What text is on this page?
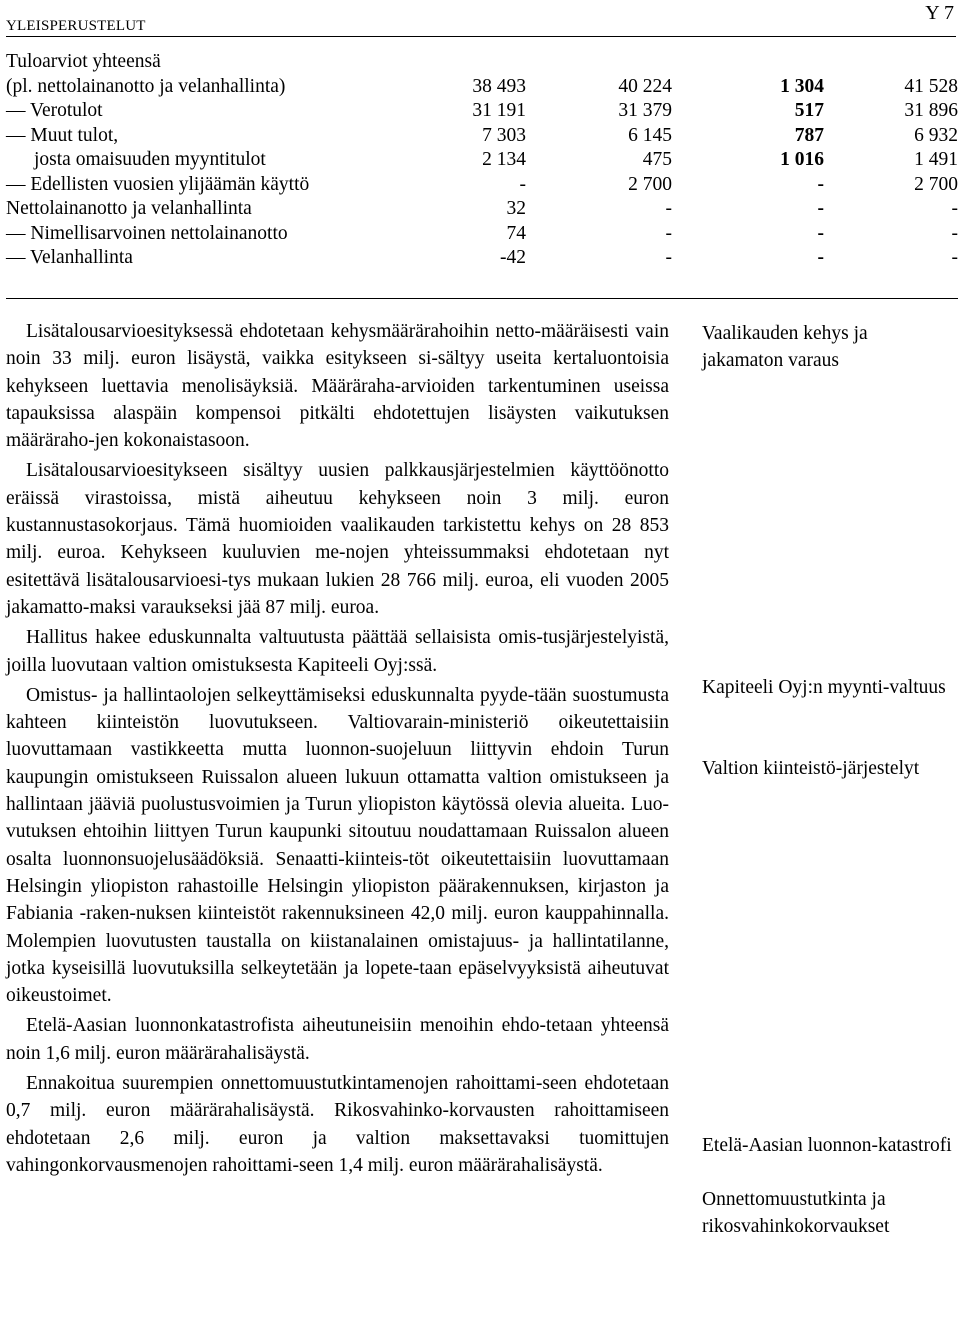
YLEISPERUSTELUT
Y 7
Tuloarviot yhteensä
(pl. nettolainanotto ja velanhallinta)	38 493	40 224	1 304	41 528
— Verotulot	31 191	31 379	517	31 896
— Muut tulot,	7 303	6 145	787	6 932
josta omaisuuden myyntitulot	2 134	475	1 016	1 491
— Edellisten vuosien ylijäämän käyttö	-	2 700	-	2 700
Nettolainanotto ja velanhallinta	32	-	-	-
— Nimellisarvoinen nettolainanotto	74	-	-	-
— Velanhallinta	-42	-	-	-

Lisätalousarvioesityksessä ehdotetaan kehysmäärärahoihin netto-määräisesti vain noin 33 milj. euron lisäystä, vaikka esitykseen si-sältyy useita kertaluontoisia kehykseen luettavia menolisäyksiä. Määräraha-arvioiden tarkentuminen useissa tapauksissa alaspäin kompensoi pitkälti ehdotettujen lisäysten vaikutuksen määräraho-jen kokonaistasoon.

Lisätalousarvioesitykseen sisältyy uusien palkkausjärjestelmien käyttöönotto eräissä virastoissa, mistä aiheutuu kehykseen noin 3 milj. euron kustannustasokorjaus. Tämä huomioiden vaalikauden tarkistettu kehys on 28 853 milj. euroa. Kehykseen kuuluvien me-nojen yhteissummaksi ehdotetaan nyt esitettävä lisätalousarvioesi-tys mukaan lukien 28 766 milj. euroa, eli vuoden 2005 jakamatto-maksi varaukseksi jää 87 milj. euroa.

Hallitus hakee eduskunnalta valtuutusta päättää sellaisista omis-tusjärjestelyistä, joilla luovutaan valtion omistuksesta Kapiteeli Oyj:ssä.

Omistus- ja hallintaolojen selkeyttämiseksi eduskunnalta pyyde-tään suostumusta kahteen kiinteistön luovutukseen. Valtiovarain-ministeriö oikeutettaisiin luovuttamaan vastikkeetta mutta luonnon-suojeluun liittyvin ehdoin Turun kaupungin omistukseen Ruissalon alueen lukuun ottamatta valtion omistukseen ja hallintaan jääviä puolustusvoimien ja Turun yliopiston käytössä olevia alueita. Luo-vutuksen ehtoihin liittyen Turun kaupunki sitoutuu noudattamaan Ruissalon alueen osalta luonnonsuojelusäädöksiä. Senaatti-kiinteis-töt oikeutettaisiin luovuttamaan Helsingin yliopiston rahastoille Helsingin yliopiston päärakennuksen, kirjaston ja Fabiania -raken-nuksen kiinteistöt rakennuksineen 42,0 milj. euron kauppahinnalla. Molempien luovutusten taustalla on kiistanalainen omistajuus- ja hallintatilanne, jotka kyseisillä luovutuksilla selkeytetään ja lopete-taan epäselvyyksistä aiheutuvat oikeustoimet.

Etelä-Aasian luonnonkatastrofista aiheutuneisiin menoihin ehdo-tetaan yhteensä noin 1,6 milj. euron määrärahalisäystä.

Ennakoitua suurempien onnettomuustutkintamenojen rahoittami-seen ehdotetaan 0,7 milj. euron määrärahalisäystä. Rikosvahinko-korvausten rahoittamiseen ehdotetaan 2,6 milj. euron ja valtion maksettavaksi tuomittujen vahingonkorvausmenojen rahoittami-seen 1,4 milj. euron määrärahalisäystä.

Vaalikauden kehys ja jakamaton varaus
Kapiteeli Oyj:n myynti-valtuus
Valtion kiinteistö-järjestelyt
Etelä-Aasian luonnon-katastrofi
Onnettomuustutkinta ja rikosvahinkokorvaukset
